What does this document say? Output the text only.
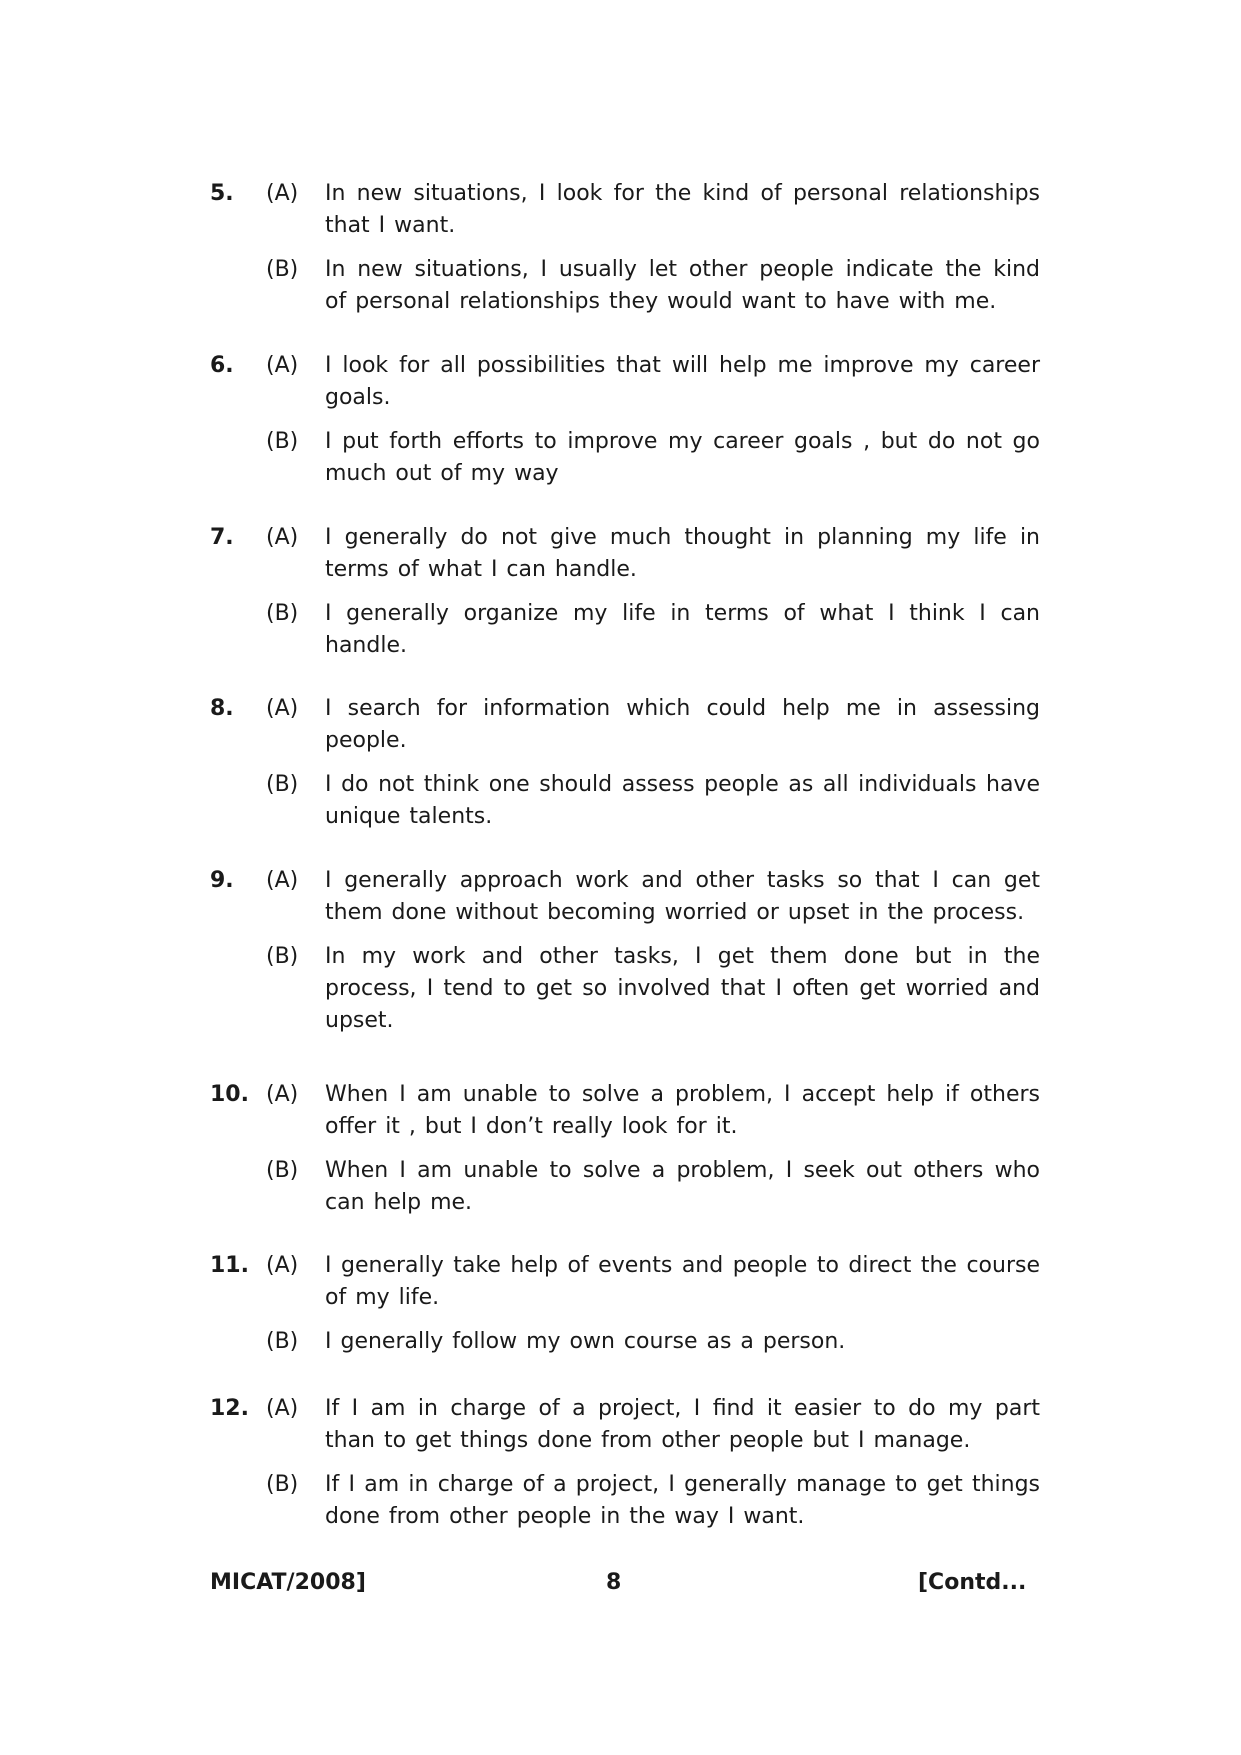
5. (A) In new situations, I look for the kind of personal relationships that I want.
(B) In new situations, I usually let other people indicate the kind of personal relationships they would want to have with me.
6. (A) I look for all possibilities that will help me improve my career goals.
(B) I put forth efforts to improve my career goals , but do not go much out of my way
7. (A) I generally do not give much thought in planning my life in terms of what I can handle.
(B) I generally organize my life in terms of what I think I can handle.
8. (A) I search for information which could help me in assessing people.
(B) I do not think one should assess people as all individuals have unique talents.
9. (A) I generally approach work and other tasks so that I can get them done without becoming worried or upset in the process.
(B) In my work and other tasks, I get them done but in the process, I tend to get so involved that I often get worried and upset.
10. (A) When I am unable to solve a problem, I accept help if others offer it , but I don’t really look for it.
(B) When I am unable to solve a problem, I seek out others who can help me.
11. (A) I generally take help of events and people to direct the course of my life.
(B) I generally follow my own course as a person.
12. (A) If I am in charge of a project, I find it easier to do my part than to get things done from other people but I manage.
(B) If I am in charge of a project, I generally manage to get things done from other people in the way I want.
MICAT/2008]	8	[Contd...
